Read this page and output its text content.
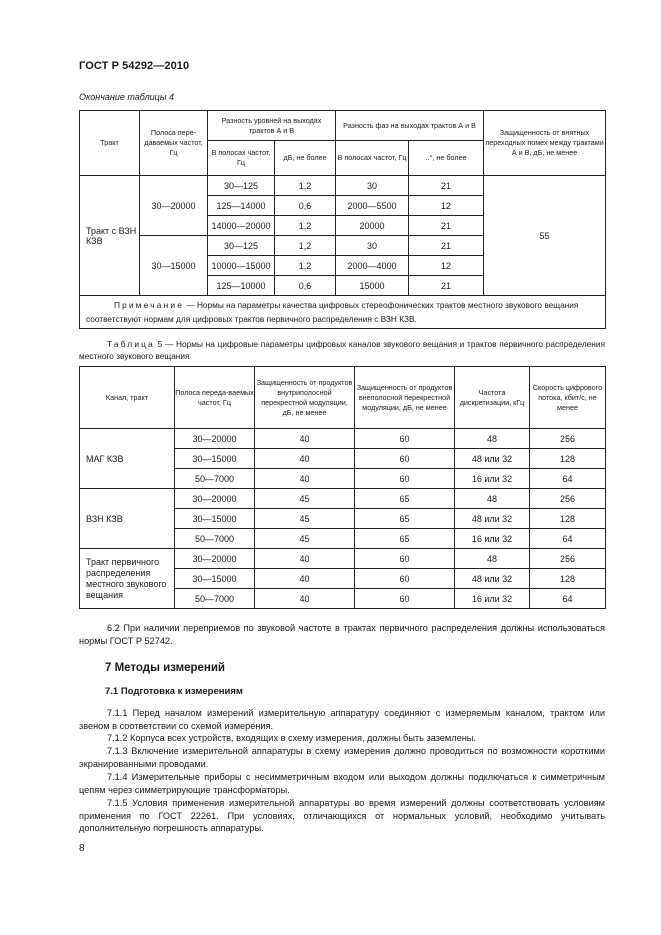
ГОСТ Р 54292—2010
Окончание таблицы 4
Тракт	Полоса пере-даваемых частот, Гц	Разность уровней на выходах трактов А и В		Разность фаз на выходах трактов А и В		Защищенность от внятных переходных помех между трактами А и В, дБ, не менее
		В полосах частот, Гц	дБ, не более	В полосах частот, Гц	..°, не более	
Тракт с ВЗН КЗВ	30—20000	30—125	1,2	30	21	55
		125—14000	0,6	2000—5500	12	
		14000—20000	1,2	20000	21	
	30—15000	30—125	1,2	30	21	
		10000—15000	1,2	2000—4000	12	
		125—10000	0,6	15000	21	
Примечание — Нормы на параметры качества цифровых стереофонических трактов местного звукового вещания соответствуют нормам для цифровых трактов первичного распределения с ВЗН КЗВ.						
Таблица 5 — Нормы на цифровые параметры цифровых каналов звукового вещания и трактов первичного распределения местного звукового вещания
Канал, тракт	Полоса переда-ваемых частот, Гц	Защищенность от продуктов внутриполосной перекрестной модуляции, дБ, не менее	Защищенность от продуктов внеполосной перекрестной модуляции, дБ, не менее	Частота дискретизации, кГц	Скорость цифрового потока, кбит/с, не менее
МАГ КЗВ	30—20000	40	60	48	256
	30—15000	40	60	48 или 32	128
	50—7000	40	60	16 или 32	64
ВЗН КЗВ	30—20000	45	65	48	256
	30—15000	45	65	48 или 32	128
	50—7000	45	65	16 или 32	64
Тракт первичного распределения местного звукового вещания	30—20000	40	60	48	256
	30—15000	40	60	48 или 32	128
	50—7000	40	60	16 или 32	64
6.2 При наличии переприемов по звуковой частоте в трактах первичного распределения должны использоваться нормы ГОСТ Р 52742.
7 Методы измерений
7.1 Подготовка к измерениям
7.1.1 Перед началом измерений измерительную аппаратуру соединяют с измеряемым каналом, трактом или звеном в соответствии со схемой измерения.
7.1.2 Корпуса всех устройств, входящих в схему измерения, должны быть заземлены.
7.1.3 Включение измерительной аппаратуры в схему измерения должно проводиться по возможности короткими экранированными проводами.
7.1.4 Измерительные приборы с несимметричным входом или выходом должны подключаться к симметричным цепям через симметрирующие трансформаторы.
7.1.5 Условия применения измерительной аппаратуры во время измерений должны соответствовать условиям применения по ГОСТ 22261. При условиях, отличающихся от нормальных условий, необходимо учитывать дополнительную погрешность аппаратуры.
8
